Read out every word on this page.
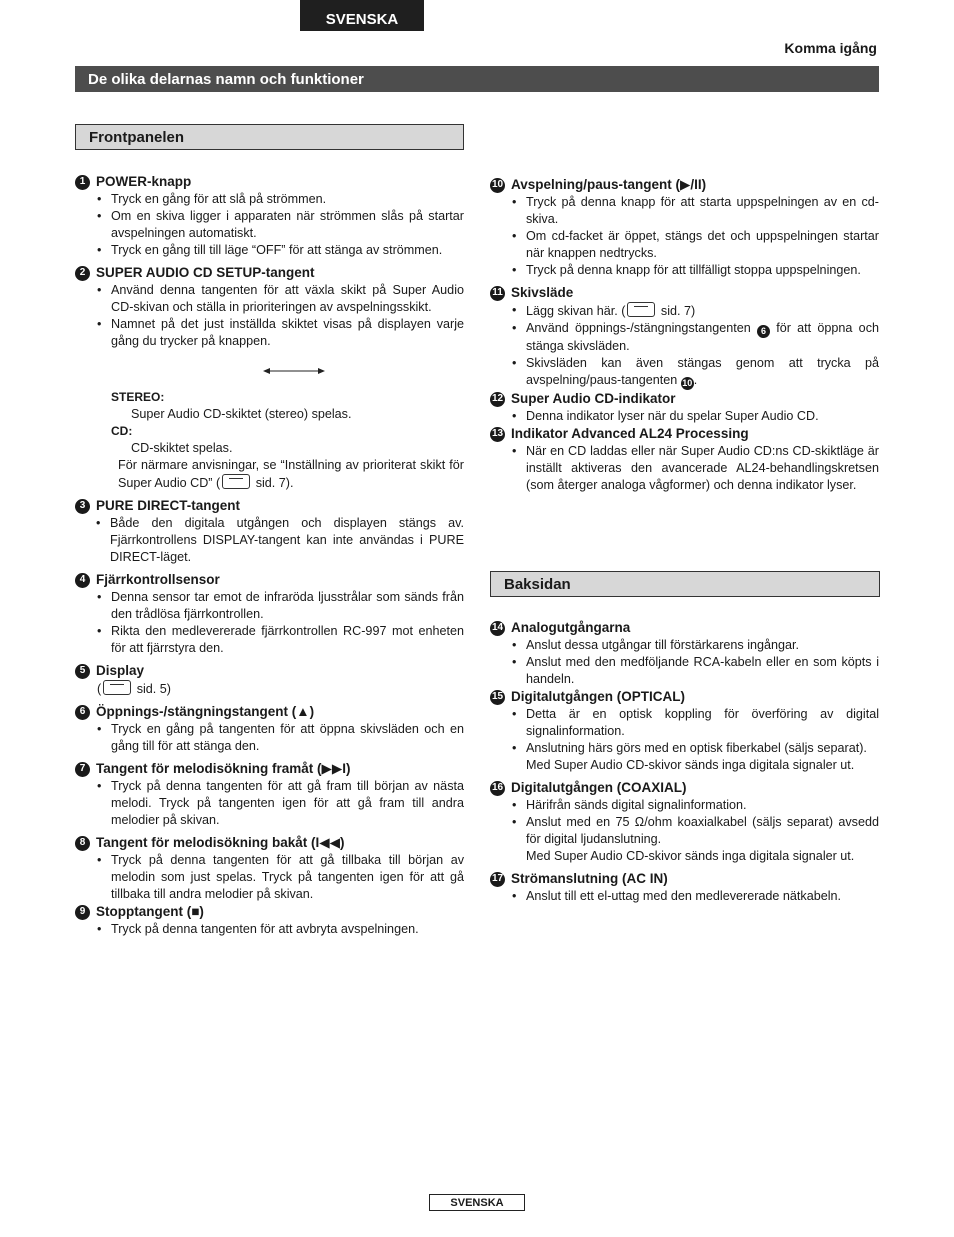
SVENSKA
Komma igång
De olika delarnas namn och funktioner
Frontpanelen
1 POWER-knapp
• Tryck en gång för att slå på strömmen.
• Om en skiva ligger i apparaten när strömmen slås på startar avspelningen automatiskt.
• Tryck en gång till till läge “OFF” för att stänga av strömmen.
2 SUPER AUDIO CD SETUP-tangent
• Använd denna tangenten för att växla skikt på Super Audio CD-skivan och ställa in prioriteringen av avspelningsskikt.
• Namnet på det just inställda skiktet visas på displayen varje gång du trycker på knappen.
STEREO:
Super Audio CD-skiktet (stereo) spelas.
CD:
CD-skiktet spelas.
För närmare anvisningar, se “Inställning av prioriterat skikt för Super Audio CD” (	sid. 7).
3 PURE DIRECT-tangent
• Både den digitala utgången och displayen stängs av. Fjärrkontrollens DISPLAY-tangent kan inte användas i PURE DIRECT-läget.
4 Fjärrkontrollsensor
• Denna sensor tar emot de infraröda ljusstrålar som sänds från den trådlösa fjärrkontrollen.
• Rikta den medlevererade fjärrkontrollen RC-997 mot enheten för att fjärrstyra den.
5 Display
(	sid. 5)
6 Öppnings-/stängningstangent (▲)
• Tryck en gång på tangenten för att öppna skivsläden och en gång till för att stänga den.
7 Tangent för melodisökning framåt (▶▶I)
• Tryck på denna tangenten för att gå fram till början av nästa melodi. Tryck på tangenten igen för att gå fram till andra melodier på skivan.
8 Tangent för melodisökning bakåt (I◀◀)
• Tryck på denna tangenten för att gå tillbaka till början av melodin som just spelas. Tryck på tangenten igen för att gå tillbaka till andra melodier på skivan.
9 Stopptangent (■)
• Tryck på denna tangenten för att avbryta avspelningen.
10 Avspelning/paus-tangent (▶/II)
• Tryck på denna knapp för att starta uppspelningen av en cd-skiva.
• Om cd-facket är öppet, stängs det och uppspelningen startar när knappen nedtrycks.
• Tryck på denna knapp för att tillfälligt stoppa uppspelningen.
11 Skivsläde
• Lägg skivan här. (	sid. 7)
• Använd öppnings-/stängningstangenten 6 för att öppna och stänga skivsläden.
• Skivsläden kan även stängas genom att trycka på avspelning/paus-tangenten 10 .
12 Super Audio CD-indikator
• Denna indikator lyser när du spelar Super Audio CD.
13 Indikator Advanced AL24 Processing
• När en CD laddas eller när Super Audio CD:ns CD-skiktläge är inställt aktiveras den avancerade AL24-behandlingskretsen (som återger analoga vågformer) och denna indikator lyser.
Baksidan
14 Analogutgångarna
• Anslut dessa utgångar till förstärkarens ingångar.
• Anslut med den medföljande RCA-kabeln eller en som köpts i handeln.
15 Digitalutgången (OPTICAL)
• Detta är en optisk koppling för överföring av digital signalinformation.
• Anslutning härs görs med en optisk fiberkabel (säljs separat).
Med Super Audio CD-skivor sänds inga digitala signaler ut.
16 Digitalutgången (COAXIAL)
• Härifrån sänds digital signalinformation.
• Anslut med en 75 Ω/ohm koaxialkabel (säljs separat) avsedd för digital ljudanslutning.
Med Super Audio CD-skivor sänds inga digitala signaler ut.
17 Strömanslutning (AC IN)
• Anslut till ett el-uttag med den medlevererade nätkabeln.
SVENSKA
